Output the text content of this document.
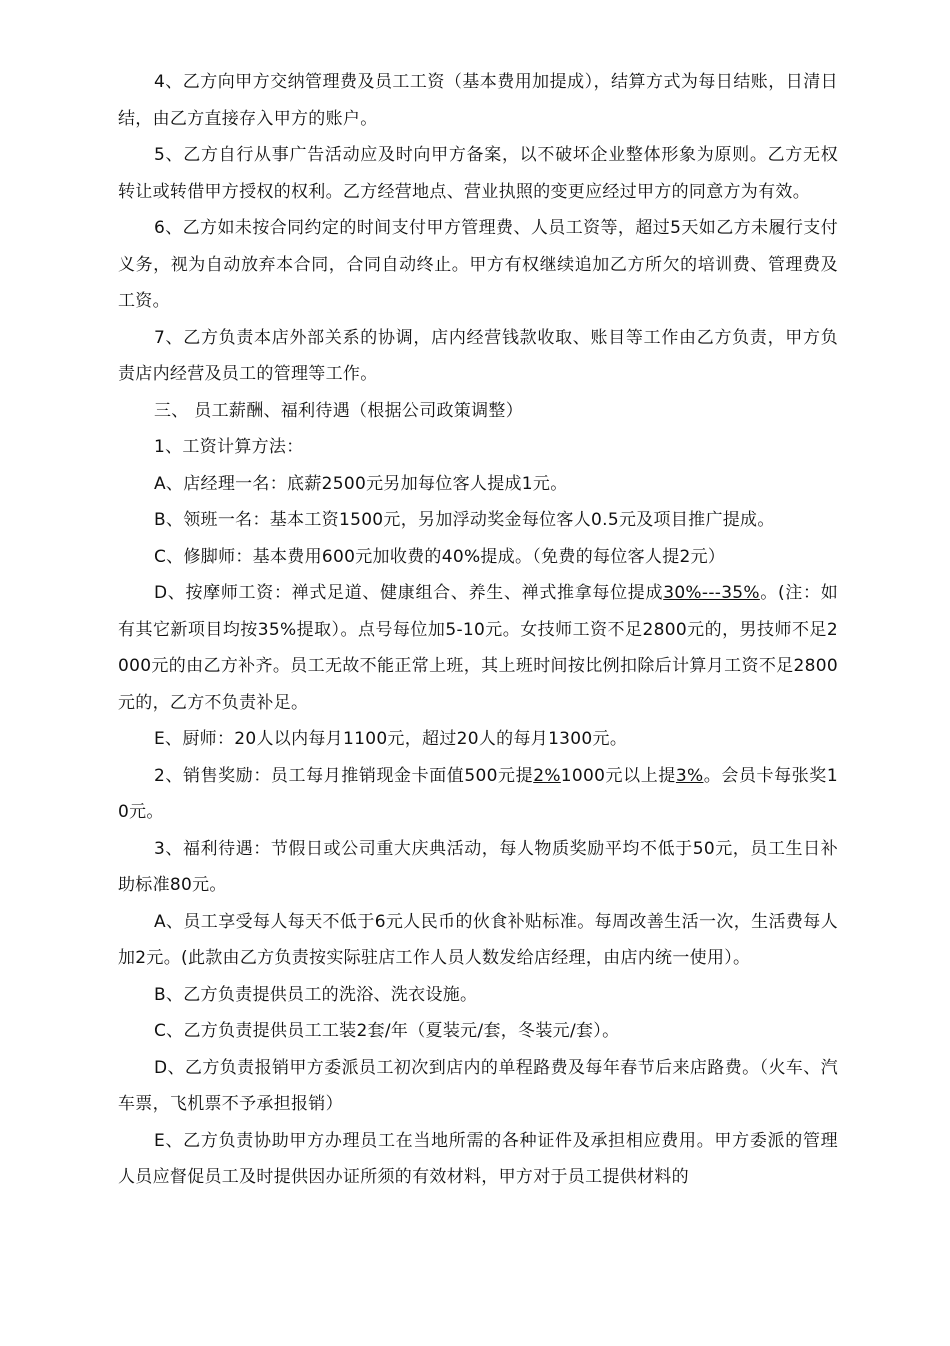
4、乙方向甲方交纳管理费及员工工资（基本费用加提成），结算方式为每日结账，日清日结，由乙方直接存入甲方的账户。

5、乙方自行从事广告活动应及时向甲方备案，以不破坏企业整体形象为原则。乙方无权转让或转借甲方授权的权利。乙方经营地点、营业执照的变更应经过甲方的同意方为有效。

6、乙方如未按合同约定的时间支付甲方管理费、人员工资等，超过5天如乙方未履行支付义务，视为自动放弃本合同，合同自动终止。甲方有权继续追加乙方所欠的培训费、管理费及工资。

7、乙方负责本店外部关系的协调，店内经营钱款收取、账目等工作由乙方负责，甲方负责店内经营及员工的管理等工作。

三、 员工薪酬、福利待遇（根据公司政策调整）

1、工资计算方法：

A、店经理一名：底薪2500元另加每位客人提成1元。

B、领班一名：基本工资1500元，另加浮动奖金每位客人0.5元及项目推广提成。

C、修脚师：基本费用600元加收费的40%提成。（免费的每位客人提2元）

D、按摩师工资：禅式足道、健康组合、养生、禅式推拿每位提成30%---35%。(注：如有其它新项目均按35%提取）。点号每位加5-10元。女技师工资不足2800元的，男技师不足2000元的由乙方补齐。员工无故不能正常上班，其上班时间按比例扣除后计算月工资不足2800元的，乙方不负责补足。

E、厨师：20人以内每月1100元，超过20人的每月1300元。

2、销售奖励：员工每月推销现金卡面值500元提2%1000元以上提3%。会员卡每张奖10元。

3、福利待遇：节假日或公司重大庆典活动，每人物质奖励平均不低于50元，员工生日补助标准80元。

A、员工享受每人每天不低于6元人民币的伙食补贴标准。每周改善生活一次，生活费每人加2元。(此款由乙方负责按实际驻店工作人员人数发给店经理，由店内统一使用）。

B、乙方负责提供员工的洗浴、洗衣设施。

C、乙方负责提供员工工装2套/年（夏装元/套，冬装元/套）。

D、乙方负责报销甲方委派员工初次到店内的单程路费及每年春节后来店路费。（火车、汽车票，飞机票不予承担报销）

E、乙方负责协助甲方办理员工在当地所需的各种证件及承担相应费用。甲方委派的管理人员应督促员工及时提供因办证所须的有效材料，甲方对于员工提供材料的
